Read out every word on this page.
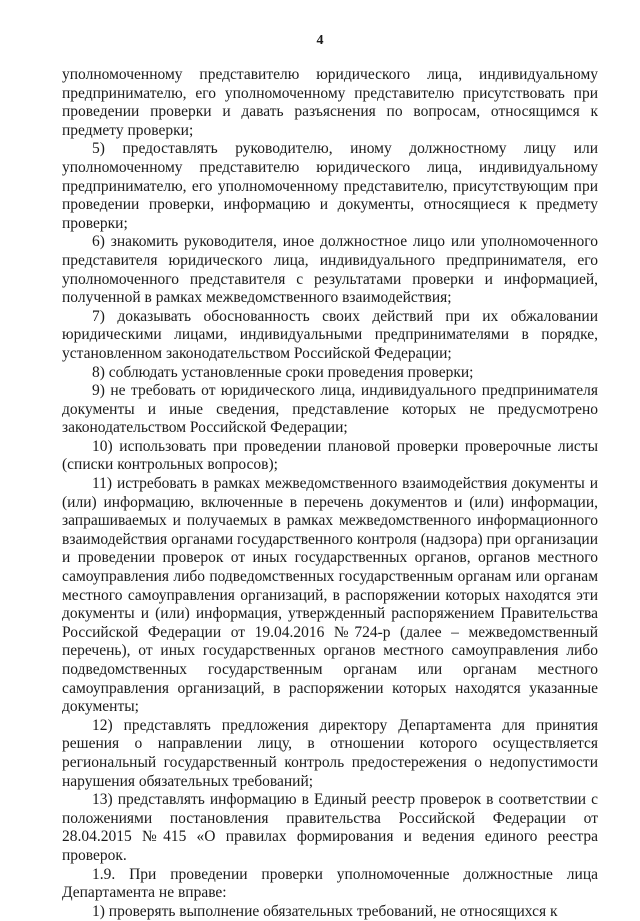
4

уполномоченному представителю юридического лица, индивидуальному предпринимателю, его уполномоченному представителю присутствовать при проведении проверки и давать разъяснения по вопросам, относящимся к предмету проверки;

5) предоставлять руководителю, иному должностному лицу или уполномоченному представителю юридического лица, индивидуальному предпринимателю, его уполномоченному представителю, присутствующим при проведении проверки, информацию и документы, относящиеся к предмету проверки;

6) знакомить руководителя, иное должностное лицо или уполномоченного представителя юридического лица, индивидуального предпринимателя, его уполномоченного представителя с результатами проверки и информацией, полученной в рамках межведомственного взаимодействия;

7) доказывать обоснованность своих действий при их обжаловании юридическими лицами, индивидуальными предпринимателями в порядке, установленном законодательством Российской Федерации;

8) соблюдать установленные сроки проведения проверки;

9) не требовать от юридического лица, индивидуального предпринимателя документы и иные сведения, представление которых не предусмотрено законодательством Российской Федерации;

10) использовать при проведении плановой проверки проверочные листы (списки контрольных вопросов);

11) истребовать в рамках межведомственного взаимодействия документы и (или) информацию, включенные в перечень документов и (или) информации, запрашиваемых и получаемых в рамках межведомственного информационного взаимодействия органами государственного контроля (надзора) при организации и проведении проверок от иных государственных органов, органов местного самоуправления либо подведомственных государственным органам или органам местного самоуправления организаций, в распоряжении которых находятся эти документы и (или) информация, утвержденный распоряжением Правительства Российской Федерации от 19.04.2016 №724-р (далее – межведомственный перечень), от иных государственных органов местного самоуправления либо подведомственных государственным органам или органам местного самоуправления организаций, в распоряжении которых находятся указанные документы;

12) представлять предложения директору Департамента для принятия решения о направлении лицу, в отношении которого осуществляется региональный государственный контроль предостережения о недопустимости нарушения обязательных требований;

13) представлять информацию в Единый реестр проверок в соответствии с положениями постановления правительства Российской Федерации от 28.04.2015 №415 «О правилах формирования и ведения единого реестра проверок.

1.9. При проведении проверки уполномоченные должностные лица Департамента не вправе:

1) проверять выполнение обязательных требований, не относящихся к
